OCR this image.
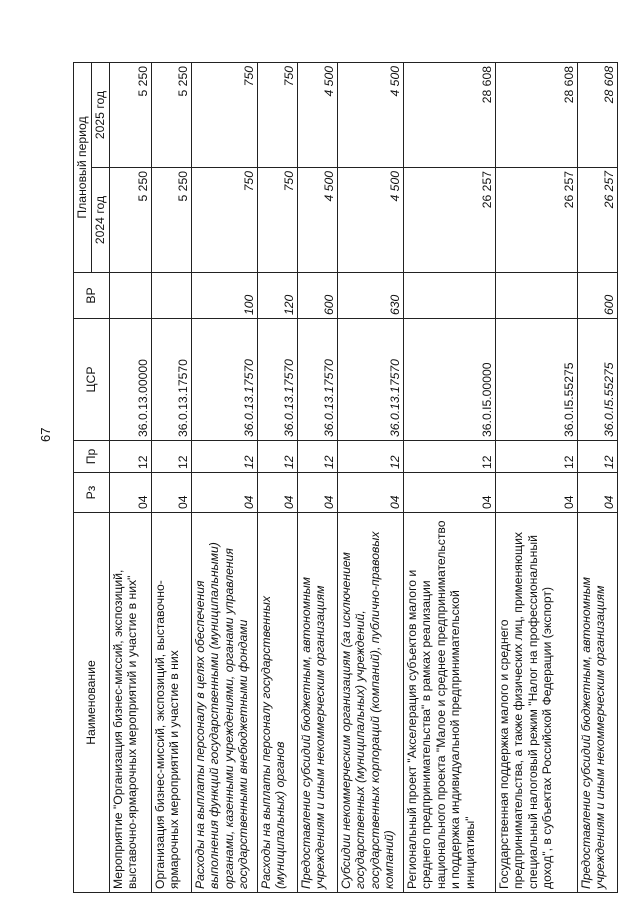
67
Наименование	Рз	Пр	ЦСР	ВР	Плановый период	
					2024 год	2025 год
Мероприятие "Организация бизнес-миссий, экспозиций, выставочно-ярмарочных мероприятий и участие в них"	04	12	36.0.13.00000		5 250	5 250
Организация бизнес-миссий, экспозиций, выставочно-ярмарочных мероприятий и участие в них	04	12	36.0.13.17570		5 250	5 250
Расходы на выплаты персоналу в целях обеспечения выполнения функций государственными (муниципальными) органами, казенными учреждениями, органами управления государственными внебюджетными фондами	04	12	36.0.13.17570	100	750	750
Расходы на выплаты персоналу государственных (муниципальных) органов	04	12	36.0.13.17570	120	750	750
Предоставление субсидий бюджетным, автономным учреждениям и иным некоммерческим организациям	04	12	36.0.13.17570	600	4 500	4 500
Субсидии некоммерческим организациям (за исключением государственных (муниципальных) учреждений, государственных корпораций (компаний), публично-правовых компаний)	04	12	36.0.13.17570	630	4 500	4 500
Региональный проект "Акселерация субъектов малого и среднего предпринимательства" в рамках реализации национального проекта "Малое и среднее предпринимательство и поддержка индивидуальной предпринимательской инициативы"	04	12	36.0.I5.00000		26 257	28 608
Государственная поддержка малого и среднего предпринимательства, а также физических лиц, применяющих специальный налоговый режим "Налог на профессиональный доход", в субъектах Российской Федерации (экспорт)	04	12	36.0.I5.55275		26 257	28 608
Предоставление субсидий бюджетным, автономным учреждениям и иным некоммерческим организациям	04	12	36.0.I5.55275	600	26 257	28 608
